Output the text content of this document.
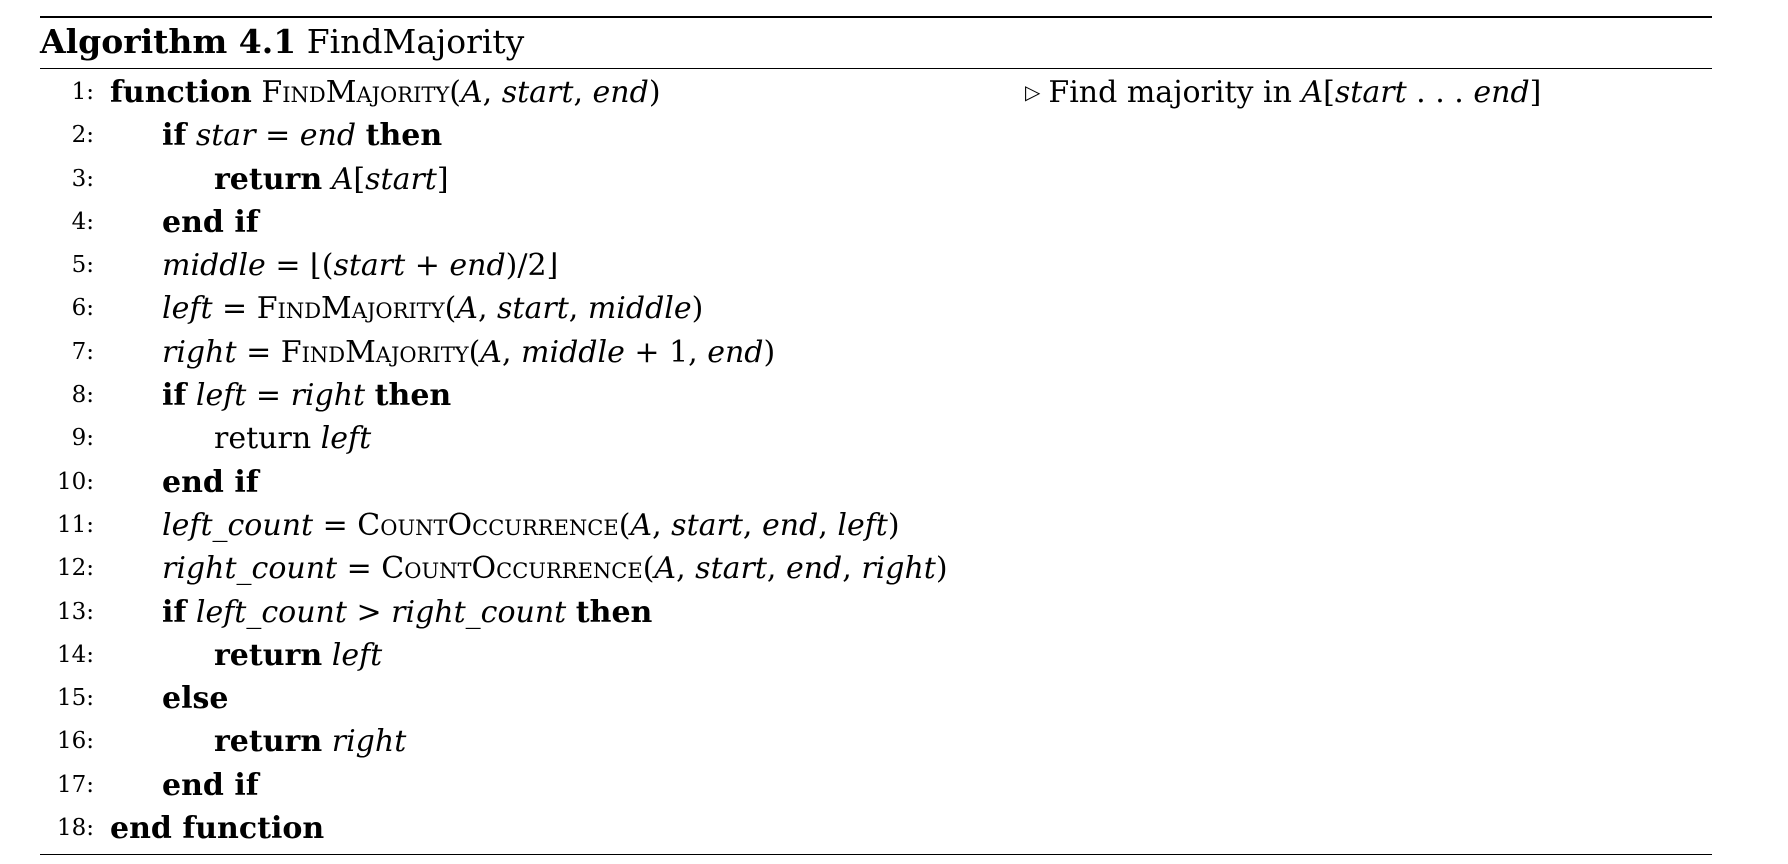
Algorithm 4.1 FindMajority
1: function FindMajority(A, start, end)	▷ Find majority in A[start . . . end]
2: if star = end then
3:	return A[start]
4: end if
5: middle = ⌊(start + end)/2⌋
6: left = FindMajority(A, start, middle)
7: right = FindMajority(A, middle + 1, end)
8: if left = right then
9:	return left
10: end if
11: left_count = CountOccurrence(A, start, end, left)
12: right_count = CountOccurrence(A, start, end, right)
13: if left_count > right_count then
14:	return left
15: else
16:	return right
17: end if
18: end function
